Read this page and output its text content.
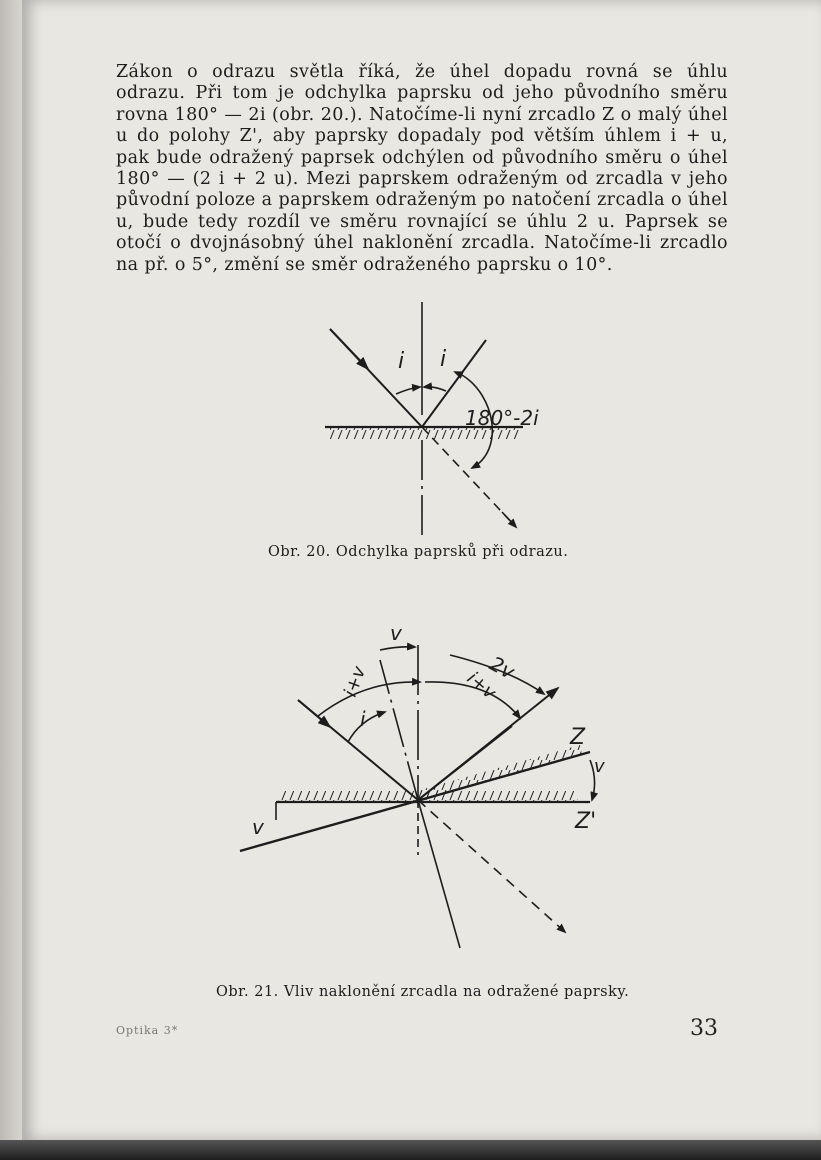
Zákon o odrazu světla říká, že úhel dopadu rovná se úhlu
odrazu. Při tom je odchylka paprsku od jeho původního směru
rovna 180° — 2i (obr. 20.). Natočíme-li nyní zrcadlo Z o malý úhel
u do polohy Z', aby paprsky dopadaly pod větším úhlem i + u,
pak bude odražený paprsek odchýlen od původního směru o úhel
180° — (2 i + 2 u). Mezi paprskem odraženým od zrcadla v jeho
původní poloze a paprskem odraženým po natočení zrcadla o úhel
u, bude tedy rozdíl ve směru rovnající se úhlu 2 u. Paprsek se
otočí o dvojnásobný úhel naklonění zrcadla. Natočíme-li zrcadlo
na př. o 5°, změní se směr odraženého paprsku o 10°.
i i
180°-2i
v
2v
i+v	i+v
i
Z
Z'
v
v
Obr. 20. Odchylka paprsků při odrazu.
Obr. 21. Vliv naklonění zrcadla na odražené paprsky.
Optika 3*	33
